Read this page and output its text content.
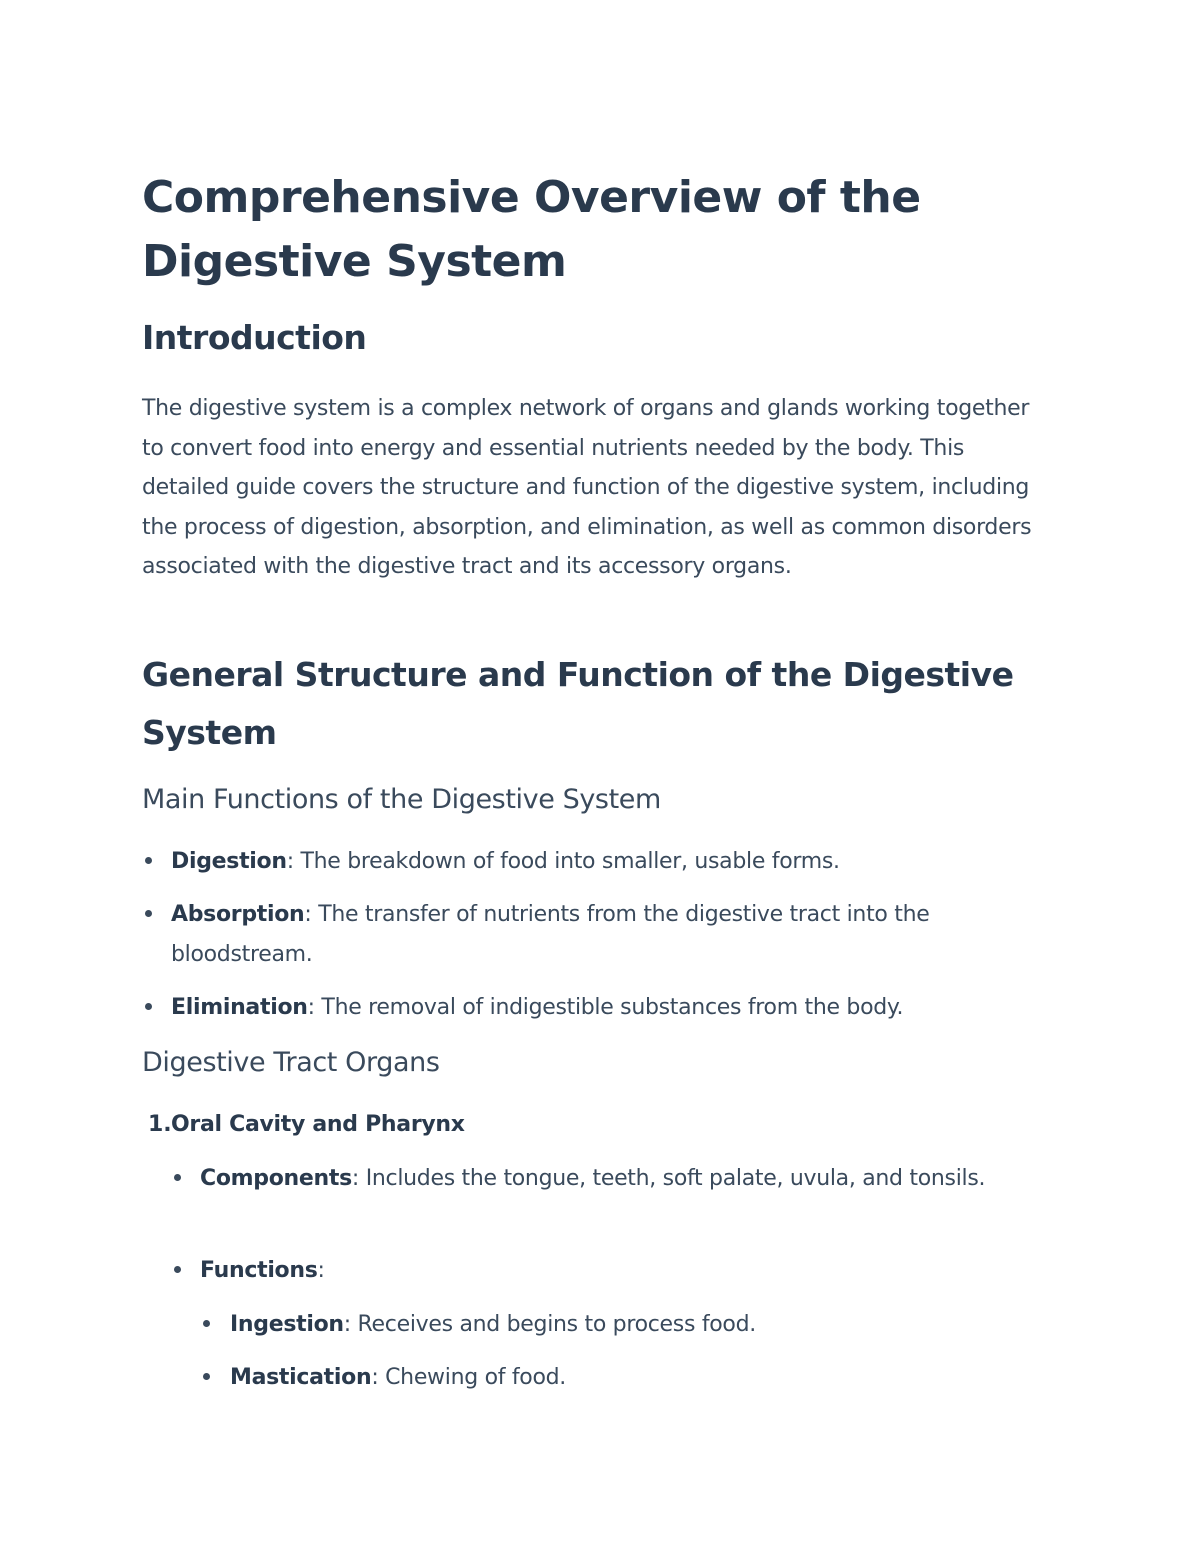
Comprehensive Overview of the Digestive System
Introduction

The digestive system is a complex network of organs and glands working together to convert food into energy and essential nutrients needed by the body. This detailed guide covers the structure and function of the digestive system, including the process of digestion, absorption, and elimination, as well as common disorders associated with the digestive tract and its accessory organs.

General Structure and Function of the Digestive System
Main Functions of the Digestive System
Digestion: The breakdown of food into smaller, usable forms.
Absorption: The transfer of nutrients from the digestive tract into the bloodstream.
Elimination: The removal of indigestible substances from the body.
Digestive Tract Organs
1. Oral Cavity and Pharynx
Components: Includes the tongue, teeth, soft palate, uvula, and tonsils.
Functions:
Ingestion: Receives and begins to process food.
Mastication: Chewing of food.
